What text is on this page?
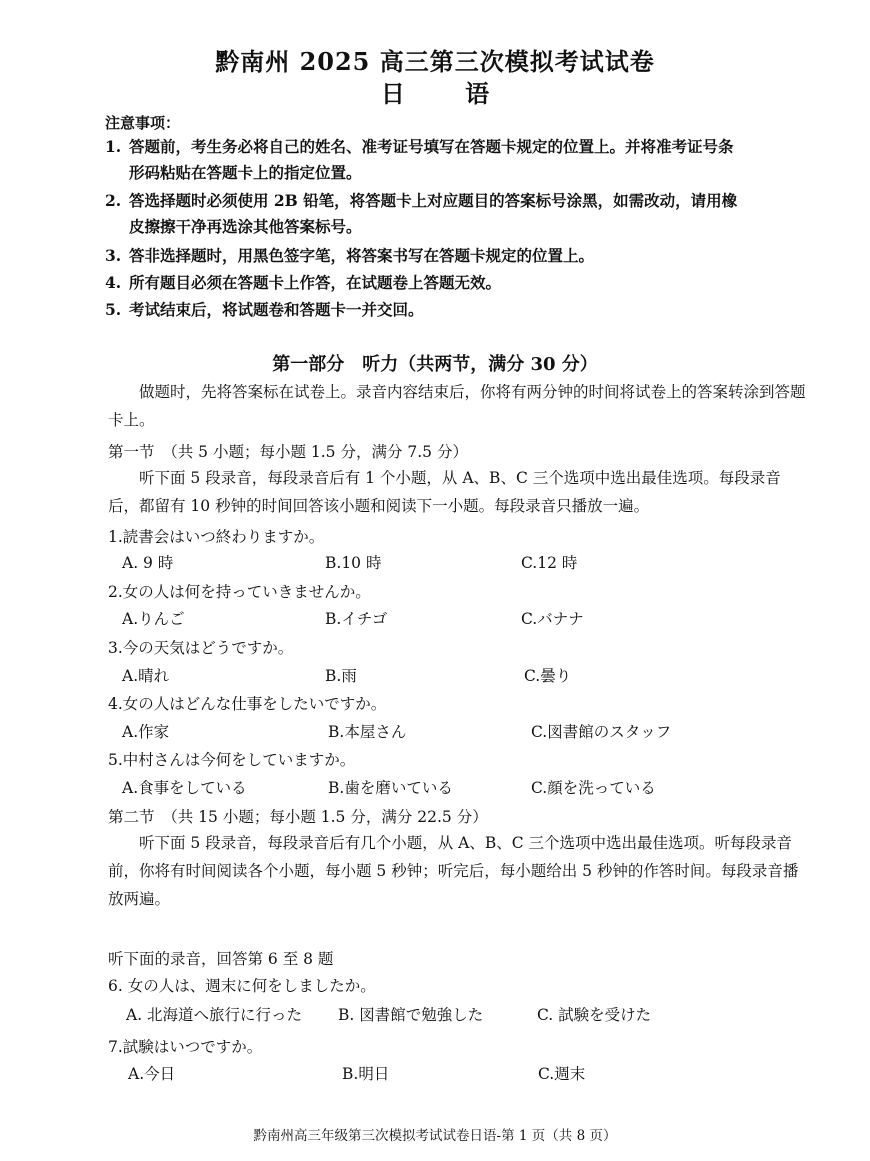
黔南州 2025 高三第三次模拟考试试卷
日 语
注意事项：
1. 答题前，考生务必将自己的姓名、准考证号填写在答题卡规定的位置上。并将准考证号条
形码粘贴在答题卡上的指定位置。
2. 答选择题时必须使用 2B 铅笔，将答题卡上对应题目的答案标号涂黑，如需改动，请用橡
皮擦擦干净再选涂其他答案标号。
3. 答非选择题时，用黑色签字笔，将答案书写在答题卡规定的位置上。
4. 所有题目必须在答题卡上作答，在试题卷上答题无效。
5. 考试结束后，将试题卷和答题卡一并交回。
第一部分　听力（共两节，满分 30 分）
做题时，先将答案标在试卷上。录音内容结束后，你将有两分钟的时间将试卷上的答案转涂到答题卡上。
第一节　（共 5 小题；每小题 1.5 分，满分 7.5 分）
听下面 5 段录音，每段录音后有 1 个小题，从 A、B、C 三个选项中选出最佳选项。每段录音后，都留有 10 秒钟的时间回答该小题和阅读下一小题。每段录音只播放一遍。
1.読書会はいつ終わりますか。
A. 9 時	B.10 時	C.12 時
2.女の人は何を持っていきませんか。
A.りんご	B.イチゴ	C.バナナ
3.今の天気はどうですか。
A.晴れ	B.雨	C.曇り
4.女の人はどんな仕事をしたいですか。
A.作家	B.本屋さん	C.図書館のスタッフ
5.中村さんは今何をしていますか。
A.食事をしている	B.歯を磨いている	C.顔を洗っている
第二节　（共 15 小题；每小题 1.5 分，满分 22.5 分）
听下面 5 段录音，每段录音后有几个小题，从 A、B、C 三个选项中选出最佳选项。听每段录音前，你将有时间阅读各个小题，每小题 5 秒钟；听完后，每小题给出 5 秒钟的作答时间。每段录音播放两遍。
听下面的录音，回答第 6 至 8 题
6. 女の人は、週末に何をしましたか。
A. 北海道へ旅行に行った B. 図書館で勉強した	C. 試験を受けた
7.試験はいつですか。
A.今日	B.明日	C.週末
黔南州高三年级第三次模拟考试试卷日语-第 1 页（共 8 页）
